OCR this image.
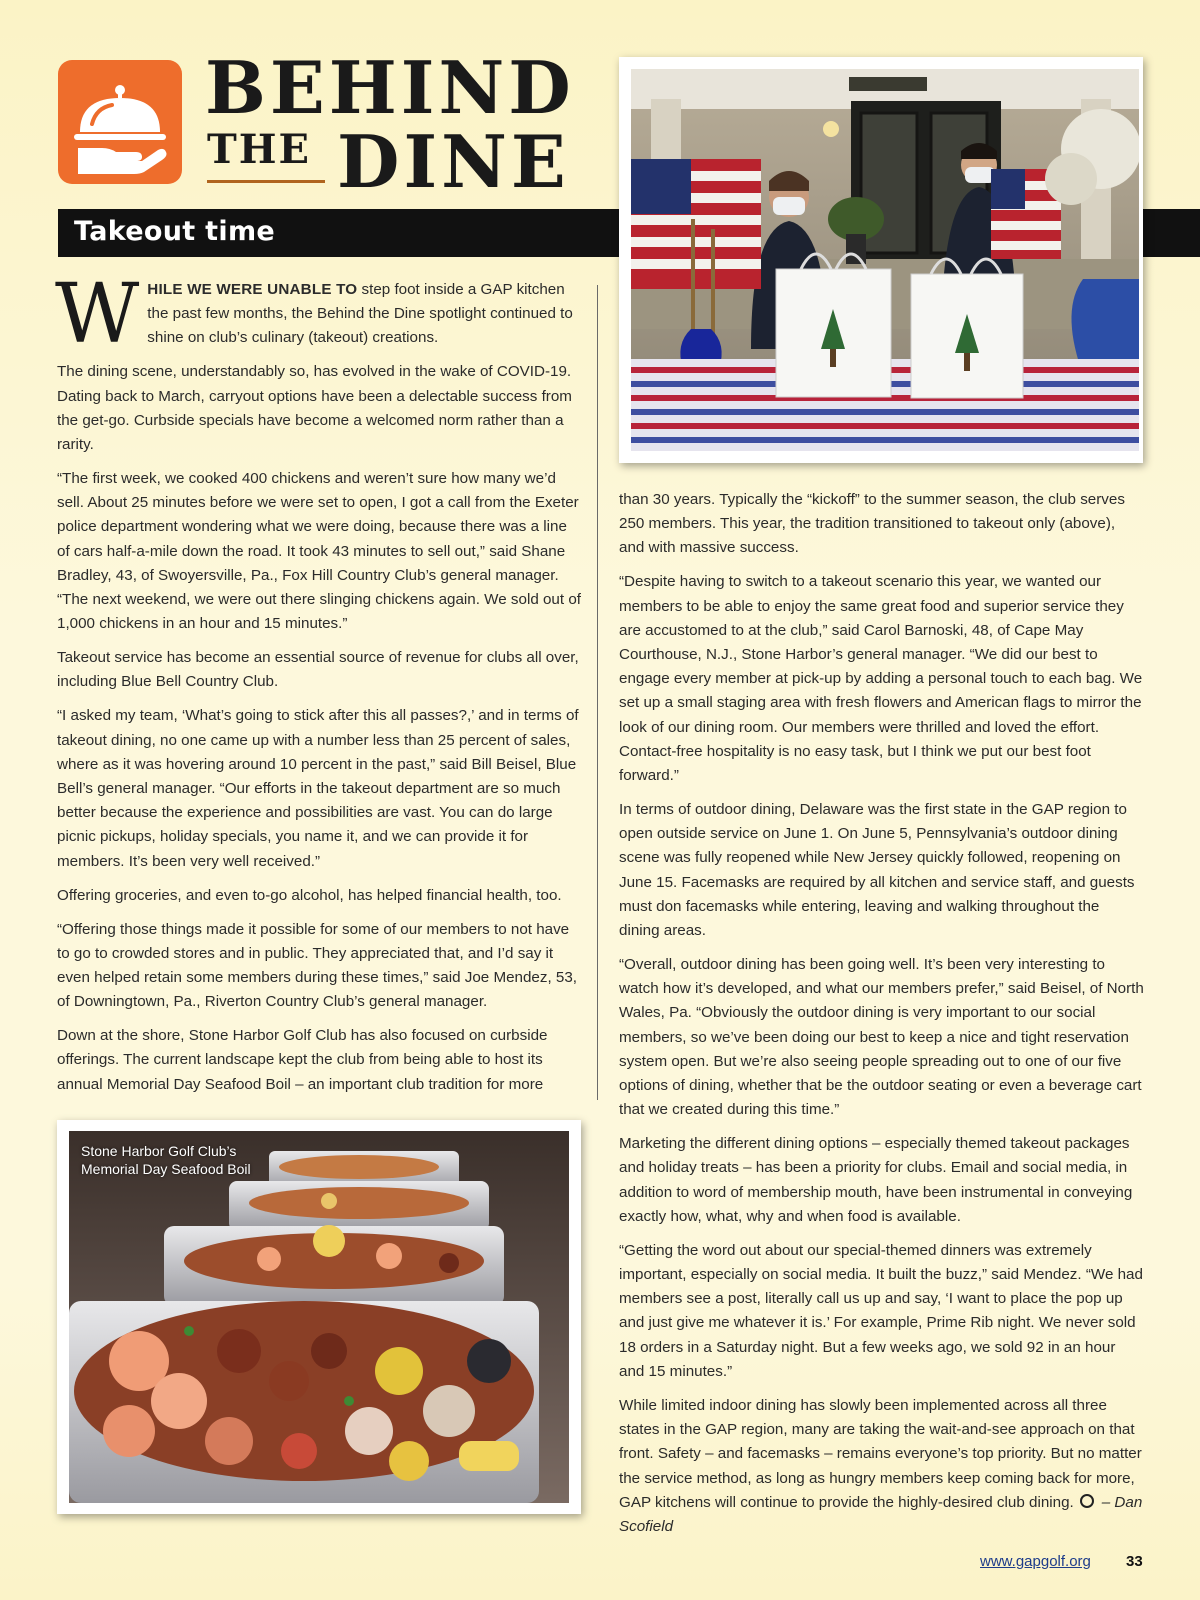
BEHIND
THE DINE
Takeout time

WHILE WE WERE UNABLE TO step foot inside a GAP kitchen the past few months, the Behind the Dine spotlight continued to shine on club’s culinary (takeout) creations.

The dining scene, understandably so, has evolved in the wake of COVID-19. Dating back to March, carryout options have been a delectable success from the get-go. Curbside specials have become a welcomed norm rather than a rarity.

“The first week, we cooked 400 chickens and weren’t sure how many we’d sell. About 25 minutes before we were set to open, I got a call from the Exeter police department wondering what we were doing, because there was a line of cars half-a-mile down the road. It took 43 minutes to sell out,” said Shane Bradley, 43, of Swoyersville, Pa., Fox Hill Country Club’s general manager. “The next weekend, we were out there slinging chickens again. We sold out of 1,000 chickens in an hour and 15 minutes.”

Takeout service has become an essential source of revenue for clubs all over, including Blue Bell Country Club.

“I asked my team, ‘What’s going to stick after this all passes?,’ and in terms of takeout dining, no one came up with a number less than 25 percent of sales, where as it was hovering around 10 percent in the past,” said Bill Beisel, Blue Bell’s general manager. “Our efforts in the takeout department are so much better because the experience and possibilities are vast. You can do large picnic pickups, holiday specials, you name it, and we can provide it for members. It’s been very well received.”

Offering groceries, and even to-go alcohol, has helped financial health, too.

“Offering those things made it possible for some of our members to not have to go to crowded stores and in public. They appreciated that, and I’d say it even helped retain some members during these times,” said Joe Mendez, 53, of Downingtown, Pa., Riverton Country Club’s general manager.

Down at the shore, Stone Harbor Golf Club has also focused on curbside offerings. The current landscape kept the club from being able to host its annual Memorial Day Seafood Boil – an important club tradition for more

Stone Harbor Golf Club’s Memorial Day Seafood Boil

than 30 years. Typically the “kickoff” to the summer season, the club serves 250 members. This year, the tradition transitioned to takeout only (above), and with massive success.

“Despite having to switch to a takeout scenario this year, we wanted our members to be able to enjoy the same great food and superior service they are accustomed to at the club,” said Carol Barnoski, 48, of Cape May Courthouse, N.J., Stone Harbor’s general manager. “We did our best to engage every member at pick-up by adding a personal touch to each bag. We set up a small staging area with fresh flowers and American flags to mirror the look of our dining room. Our members were thrilled and loved the effort. Contact-free hospitality is no easy task, but I think we put our best foot forward.”

In terms of outdoor dining, Delaware was the first state in the GAP region to open outside service on June 1. On June 5, Pennsylvania’s outdoor dining scene was fully reopened while New Jersey quickly followed, reopening on June 15. Facemasks are required by all kitchen and service staff, and guests must don facemasks while entering, leaving and walking throughout the dining areas.

“Overall, outdoor dining has been going well. It’s been very interesting to watch how it’s developed, and what our members prefer,” said Beisel, of North Wales, Pa. “Obviously the outdoor dining is very important to our social members, so we’ve been doing our best to keep a nice and tight reservation system open. But we’re also seeing people spreading out to one of our five options of dining, whether that be the outdoor seating or even a beverage cart that we created during this time.”

Marketing the different dining options – especially themed takeout packages and holiday treats – has been a priority for clubs. Email and social media, in addition to word of membership mouth, have been instrumental in conveying exactly how, what, why and when food is available.

“Getting the word out about our special-themed dinners was extremely important, especially on social media. It built the buzz,” said Mendez. “We had members see a post, literally call us up and say, ‘I want to place the pop up and just give me whatever it is.’ For example, Prime Rib night. We never sold 18 orders in a Saturday night. But a few weeks ago, we sold 92 in an hour and 15 minutes.”

While limited indoor dining has slowly been implemented across all three states in the GAP region, many are taking the wait-and-see approach on that front. Safety – and facemasks – remains everyone’s top priority. But no matter the service method, as long as hungry members keep coming back for more, GAP kitchens will continue to provide the highly-desired club dining. – Dan Scofield

www.gapgolf.org 33
